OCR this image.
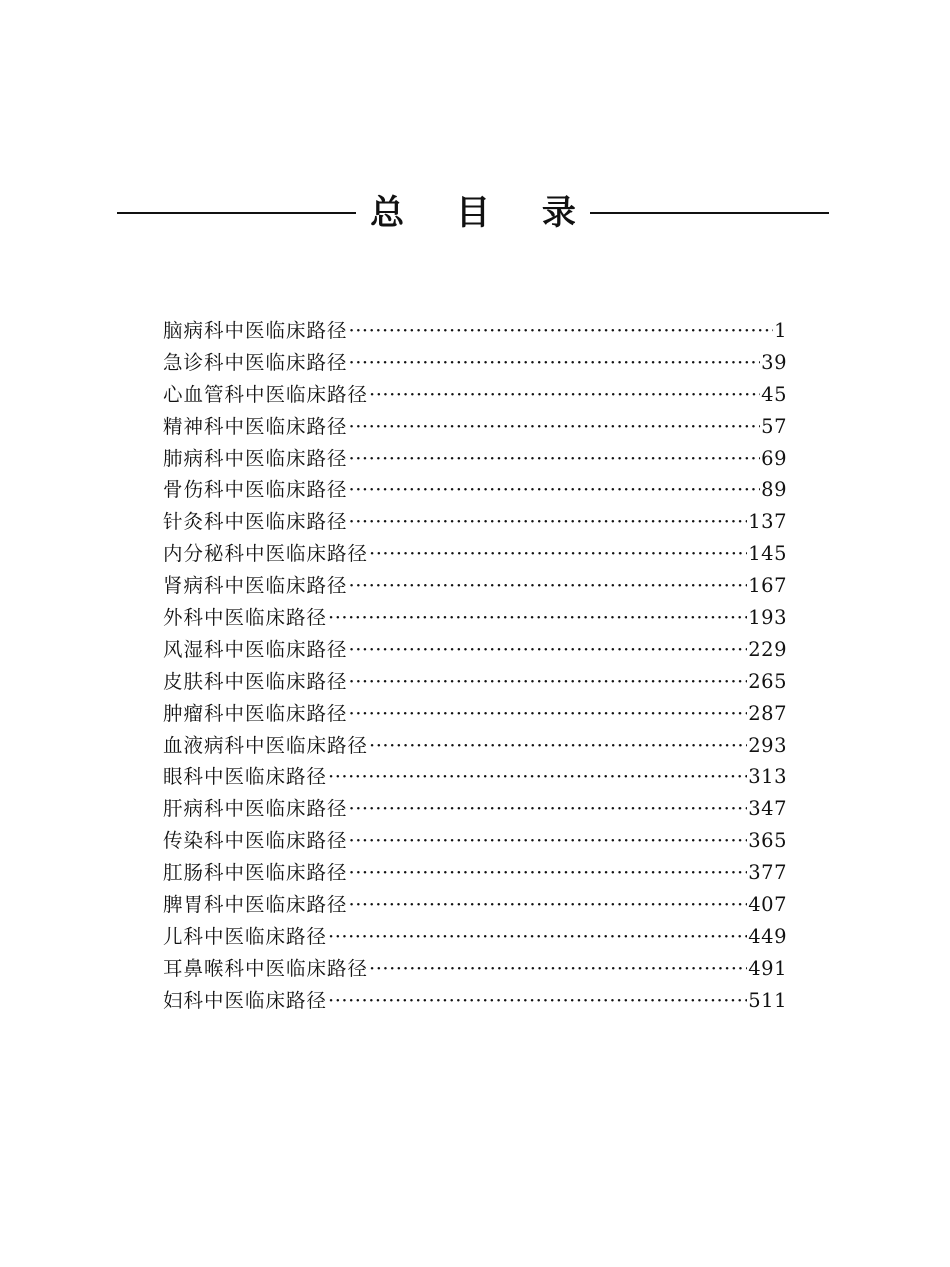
总 目 录
脑病科中医临床路径 ·····	1
急诊科中医临床路径 ·····	39
心血管科中医临床路径 ·····	45
精神科中医临床路径 ·····	57
肺病科中医临床路径 ·····	69
骨伤科中医临床路径 ·····	89
针灸科中医临床路径 ·····	137
内分秘科中医临床路径 ·····	145
肾病科中医临床路径 ·····	167
外科中医临床路径 ·····	193
风湿科中医临床路径 ·····	229
皮肤科中医临床路径 ·····	265
肿瘤科中医临床路径 ·····	287
血液病科中医临床路径 ·····	293
眼科中医临床路径 ·····	313
肝病科中医临床路径 ·····	347
传染科中医临床路径 ·····	365
肛肠科中医临床路径 ·····	377
脾胃科中医临床路径 ·····	407
儿科中医临床路径 ·····	449
耳鼻喉科中医临床路径 ·····	491
妇科中医临床路径 ·····	511
